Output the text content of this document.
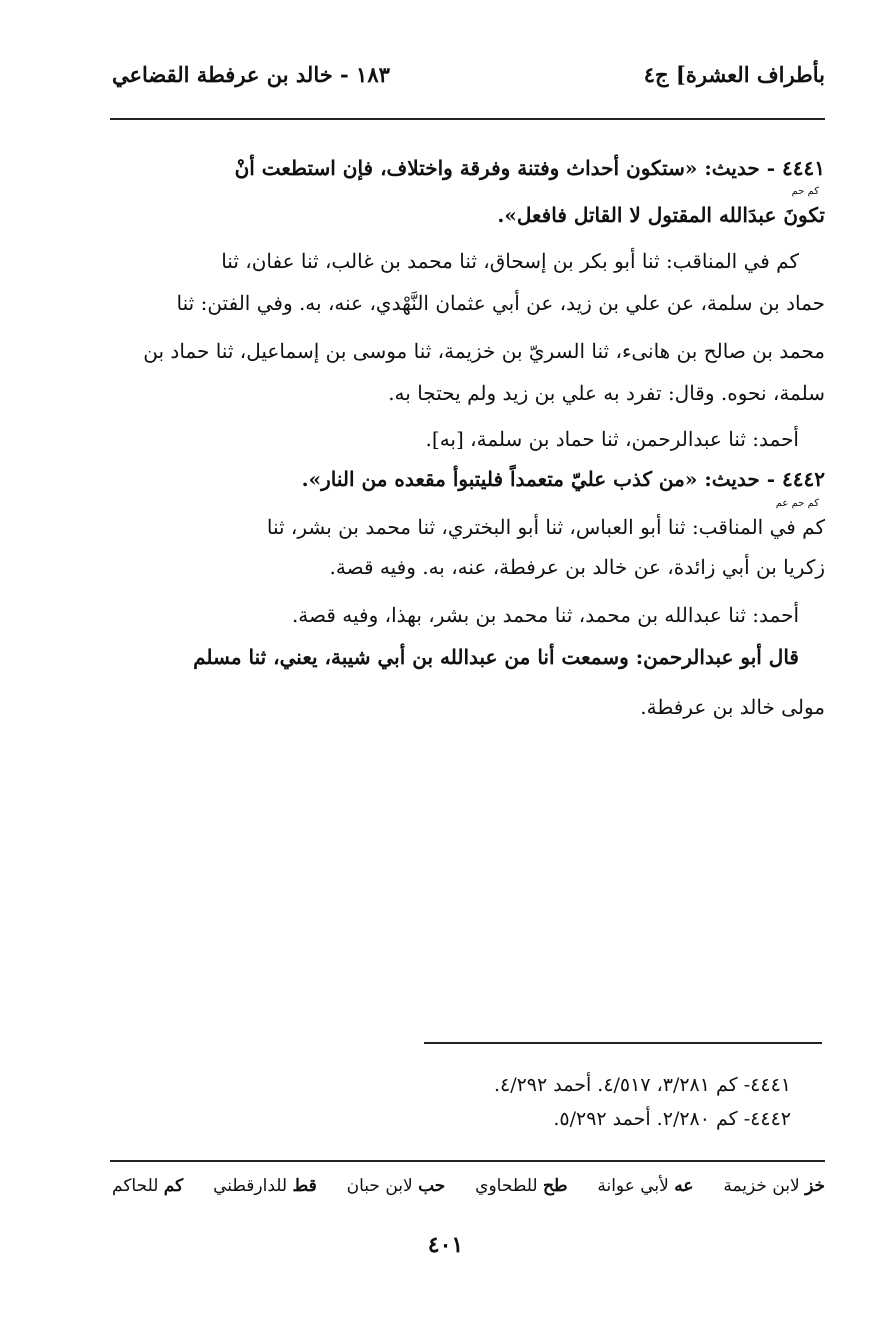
بأطراف العشرة] ج٤
١٨٣ - خالد بن عرفطة القضاعي
٤٤٤١ - حديث: «ستكون أحداث وفتنة وفرقة واختلاف، فإن استطعت أنْ
كم حم
تكونَ عبدَالله المقتول لا القاتل فافعل».
كم في المناقب: ثنا أبو بكر بن إسحاق، ثنا محمد بن غالب، ثنا عفان، ثنا
حماد بن سلمة، عن علي بن زيد، عن أبي عثمان النَّهْدي، عنه، به. وفي الفتن: ثنا
محمد بن صالح بن هانىء، ثنا السريّ بن خزيمة، ثنا موسى بن إسماعيل، ثنا حماد بن
سلمة، نحوه. وقال: تفرد به علي بن زيد ولم يحتجا به.
أحمد: ثنا عبدالرحمن، ثنا حماد بن سلمة، [به].
٤٤٤٢ - حديث: «من كذب عليّ متعمداً فليتبوأ مقعده من النار».
كم حم عم
كم في المناقب: ثنا أبو العباس، ثنا أبو البختري، ثنا محمد بن بشر، ثنا
زكريا بن أبي زائدة، عن خالد بن عرفطة، عنه، به. وفيه قصة.
أحمد: ثنا عبدالله بن محمد، ثنا محمد بن بشر، بهذا، وفيه قصة.
قال أبو عبدالرحمن: وسمعت أنا من عبدالله بن أبي شيبة، يعني، ثنا مسلم
مولى خالد بن عرفطة.
٤٤٤١- كم ٣/٢٨١، ٤/٥١٧. أحمد ٤/٢٩٢.
٤٤٤٢- كم ٢/٢٨٠. أحمد ٥/٢٩٢.
خز لابن خزيمة
عه لأبي عوانة
طح للطحاوي
حب لابن حبان
قط للدارقطني
كم للحاكم
٤٠١
